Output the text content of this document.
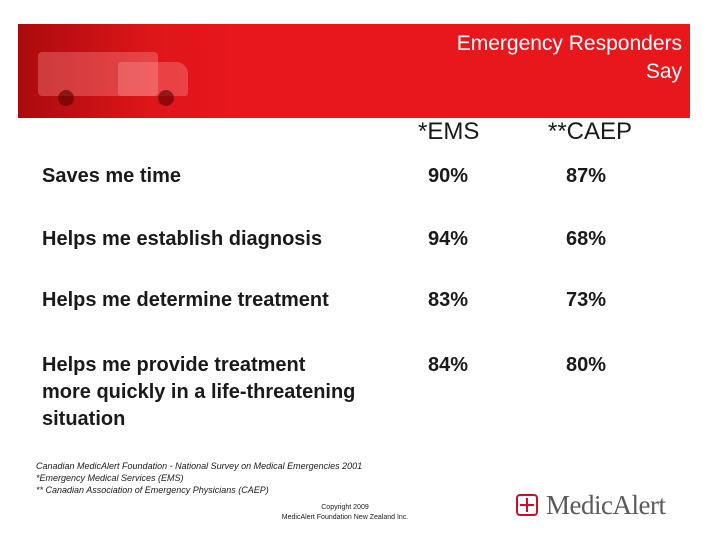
Emergency Responders
Say
*EMS	**CAEP
Saves me time	90%	87%
Helps me establish diagnosis	94%	68%
Helps me determine treatment	83%	73%
Helps me provide treatment
more quickly in a life-threatening
situation
84%	80%
Canadian MedicAlert Foundation - National Survey on Medical Emergencies 2001
*Emergency Medical Services (EMS)
** Canadian Association of Emergency Physicians (CAEP)
Copyright 2009
MedicAlert Foundation New Zealand Inc.	MedicAlert
